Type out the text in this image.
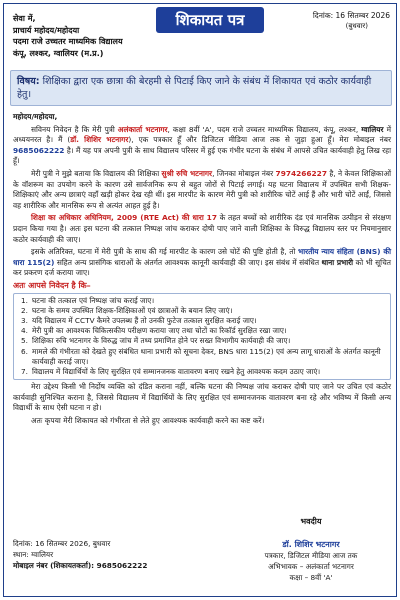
सेवा में,
प्राचार्य महोदय/महोदया
पदमा राजे उच्चतर माध्यमिक विद्यालय
कंपू, लश्कर, ग्वालियर (म.प्र.)
शिकायत पत्र	दिनांक: 16 सितम्बर 2026
(बुधवार)
विषय: शिक्षिका द्वारा एक छात्रा की बेरहमी से पिटाई किए जाने के संबंध में शिकायत एवं कठोर कार्यवाही हेतु।

महोदय/महोदया,

सविनय निवेदन है कि मेरी पुत्री अलंकार्ता भटनागर, कक्षा 8वीं 'A', पदम राजे उच्चतर माध्यमिक विद्यालय, कंपू, लश्कर, ग्वालियर में अध्ययनरत है। मैं (डॉ. शिशिर भटनागर), एक पत्रकार हूँ और डिजिटल मीडिया आज तक से जुड़ा हुआ हूँ। मेरा मोबाइल नंबर 9685062222 है। मैं यह पत्र अपनी पुत्री के साथ विद्यालय परिसर में हुई एक गंभीर घटना के संबंध में आपसे उचित कार्यवाही हेतु लिख रहा हूँ।

मेरी पुत्री ने मुझे बताया कि विद्यालय की शिक्षिका सुश्री रुचि भटनागर, जिनका मोबाइल नंबर 7974266227 है, ने केवल शिक्षिकाओं के वॉशरूम का उपयोग करने के कारण उसे सार्वजनिक रूप से बहुत जोरों से पिटाई लगाई। यह घटना विद्यालय में उपस्थित सभी शिक्षक-शिक्षिकाएं और अन्य छात्राएं वहाँ खड़ी होकर देख रही थीं। इस मारपीट के कारण मेरी पुत्री को शारीरिक चोटें आई हैं और भारी चोटें आईं, जिससे वह शारीरिक और मानसिक रूप से अत्यंत आहत हुई है।

शिक्षा का अधिकार अधिनियम, 2009 (RTE Act) की धारा 17 के तहत बच्चों को शारीरिक दंड एवं मानसिक उत्पीड़न से संरक्षण प्रदान किया गया है। अतः इस घटना की तत्काल निष्पक्ष जांच कराकर दोषी पाए जाने वाली शिक्षिका के विरुद्ध विद्यालय स्तर पर नियमानुसार कठोर कार्यवाही की जाए।

इसके अतिरिक्त, घटना में मेरी पुत्री के साथ की गई मारपीट के कारण उसे चोटें की पुष्टि होती है, तो भारतीय न्याय संहिता (BNS) की धारा 115(2) सहित अन्य प्रासंगिक धाराओं के अंतर्गत आवश्यक कानूनी कार्यवाही की जाए। इस संबंध में संबंधित थाना प्रभारी को भी सूचित कर प्रकरण दर्ज कराया जाए।

अतः आपसे निवेदन है कि–
1. घटना की तत्काल एवं निष्पक्ष जांच कराई जाए।
2. घटना के समय उपस्थित शिक्षक-शिक्षिकाओं एवं छात्राओं के बयान लिए जाएं।
3. यदि विद्यालय में CCTV कैमरे उपलब्ध हैं तो उनकी फुटेज तत्काल सुरक्षित कराई जाए।
4. मेरी पुत्री का आवश्यक चिकित्सकीय परीक्षण कराया जाए तथा चोटों का रिकॉर्ड सुरक्षित रखा जाए।
5. शिक्षिका रुचि भटनागर के विरुद्ध जांच में तथ्य प्रमाणित होने पर सख्त विभागीय कार्यवाही की जाए।
6. मामले की गंभीरता को देखते हुए संबंधित थाना प्रभारी को सूचना देकर, BNS धारा 115(2) एवं अन्य लागू धाराओं के अंतर्गत कानूनी कार्यवाही कराई जाए।
7. विद्यालय में विद्यार्थियों के लिए सुरक्षित एवं सम्मानजनक वातावरण बनाए रखने हेतु आवश्यक कदम उठाए जाएं।

मेरा उद्देश्य किसी भी निर्दोष व्यक्ति को दंडित कराना नहीं, बल्कि घटना की निष्पक्ष जांच कराकर दोषी पाए जाने पर उचित एवं कठोर कार्यवाही सुनिश्चित कराना है, जिससे विद्यालय में विद्यार्थियों के लिए सुरक्षित एवं सम्मानजनक वातावरण बना रहे और भविष्य में किसी अन्य विद्यार्थी के साथ ऐसी घटना न हो।

अतः कृपया मेरी शिकायत को गंभीरता से लेते हुए आवश्यक कार्यवाही करने का कष्ट करें।

दिनांक: 16 सितम्बर 2026, बुधवार
स्थान: ग्वालियर
मोबाइल नंबर (शिकायतकर्ता): 9685062222
भवदीय
डॉ. शिशिर भटनागर
पत्रकार, डिजिटल मीडिया आज तक
अभिभावक – अलंकार्ता भटनागर
कक्षा – 8वीं 'A'
